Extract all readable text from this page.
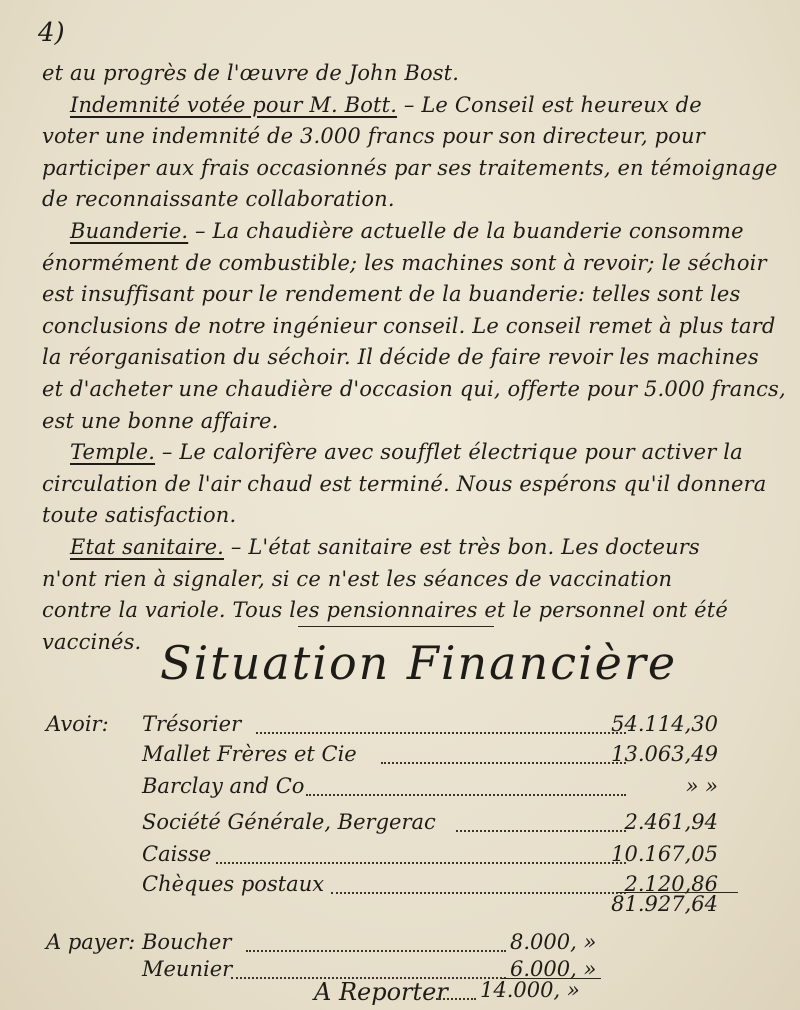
4)
et au progrès de l'œuvre de John Bost.
Indemnité votée pour M. Bott. – Le Conseil est heureux de
voter une indemnité de 3.000 francs pour son directeur, pour
participer aux frais occasionnés par ses traitements, en témoignage
de reconnaissante collaboration.
Buanderie. – La chaudière actuelle de la buanderie consomme
énormément de combustible; les machines sont à revoir; le séchoir
est insuffisant pour le rendement de la buanderie: telles sont les
conclusions de notre ingénieur conseil. Le conseil remet à plus tard
la réorganisation du séchoir. Il décide de faire revoir les machines
et d'acheter une chaudière d'occasion qui, offerte pour 5.000 francs,
est une bonne affaire.
Temple. – Le calorifère avec soufflet électrique pour activer la
circulation de l'air chaud est terminé. Nous espérons qu'il donnera
toute satisfaction.
Etat sanitaire. – L'état sanitaire est très bon. Les docteurs
n'ont rien à signaler, si ce n'est les séances de vaccination
contre la variole. Tous les pensionnaires et le personnel ont été
vaccinés. Situation Financière
Avoir: Trésorier	54.114,30
Mallet Frères et Cie	13.063,49
Barclay and Co	» »
Société Générale, Bergerac	2.461,94
Caisse	10.167,05
Chèques postaux	2.120,86
81.927,64
A payer: Boucher	8.000, »
Meunier	6.000, »
A Reporter 14.000, »
